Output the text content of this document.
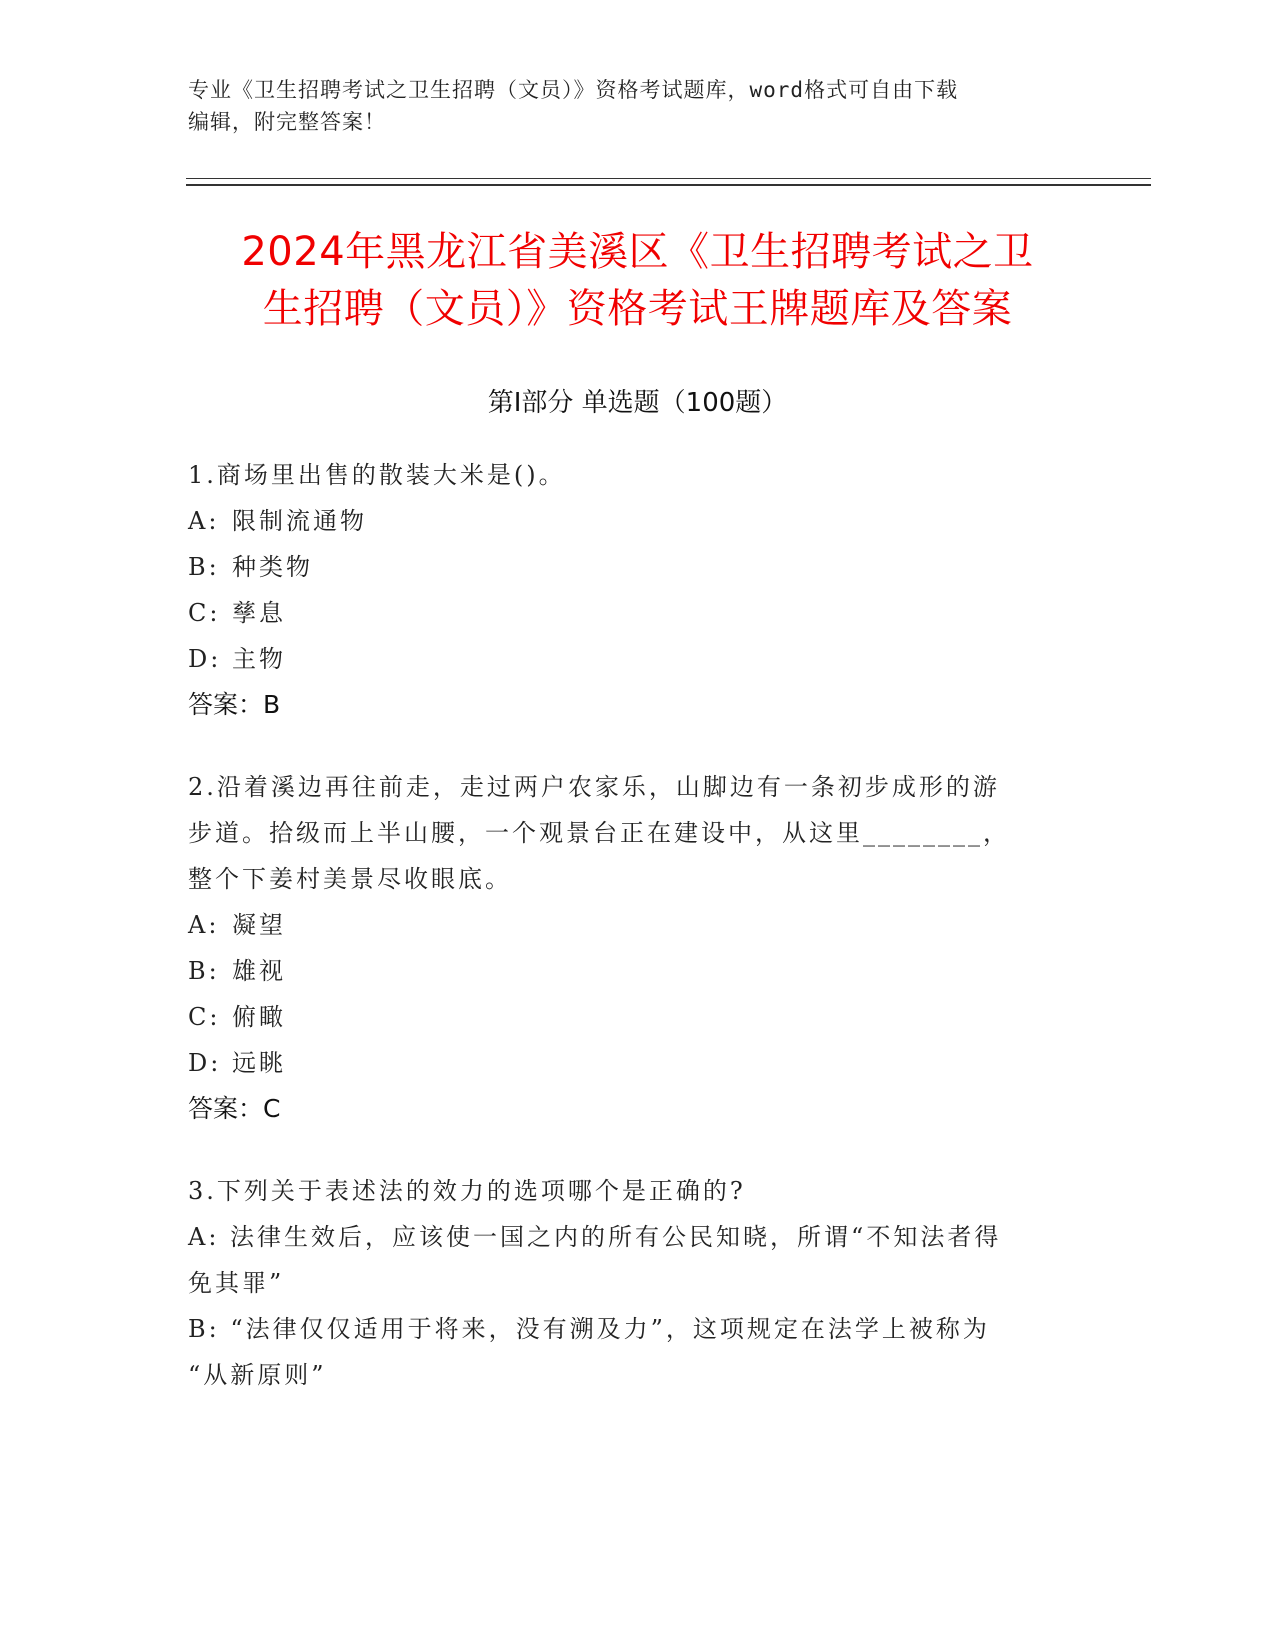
专业《卫生招聘考试之卫生招聘（文员）》资格考试题库，word格式可自由下载
编辑，附完整答案！
2024年黑龙江省美溪区《卫生招聘考试之卫
生招聘（文员）》资格考试王牌题库及答案
第Ⅰ部分 单选题（100题）
1.商场里出售的散装大米是()。
A: 限制流通物
B: 种类物
C: 孳息
D: 主物
答案：B
2.沿着溪边再往前走，走过两户农家乐，山脚边有一条初步成形的游
步道。拾级而上半山腰，一个观景台正在建设中，从这里________，
整个下姜村美景尽收眼底。
A: 凝望
B: 雄视
C: 俯瞰
D: 远眺
答案：C
3.下列关于表述法的效力的选项哪个是正确的?
A: 法律生效后，应该使一国之内的所有公民知晓，所谓“不知法者得
免其罪”
B: “法律仅仅适用于将来，没有溯及力”，这项规定在法学上被称为
“从新原则”
